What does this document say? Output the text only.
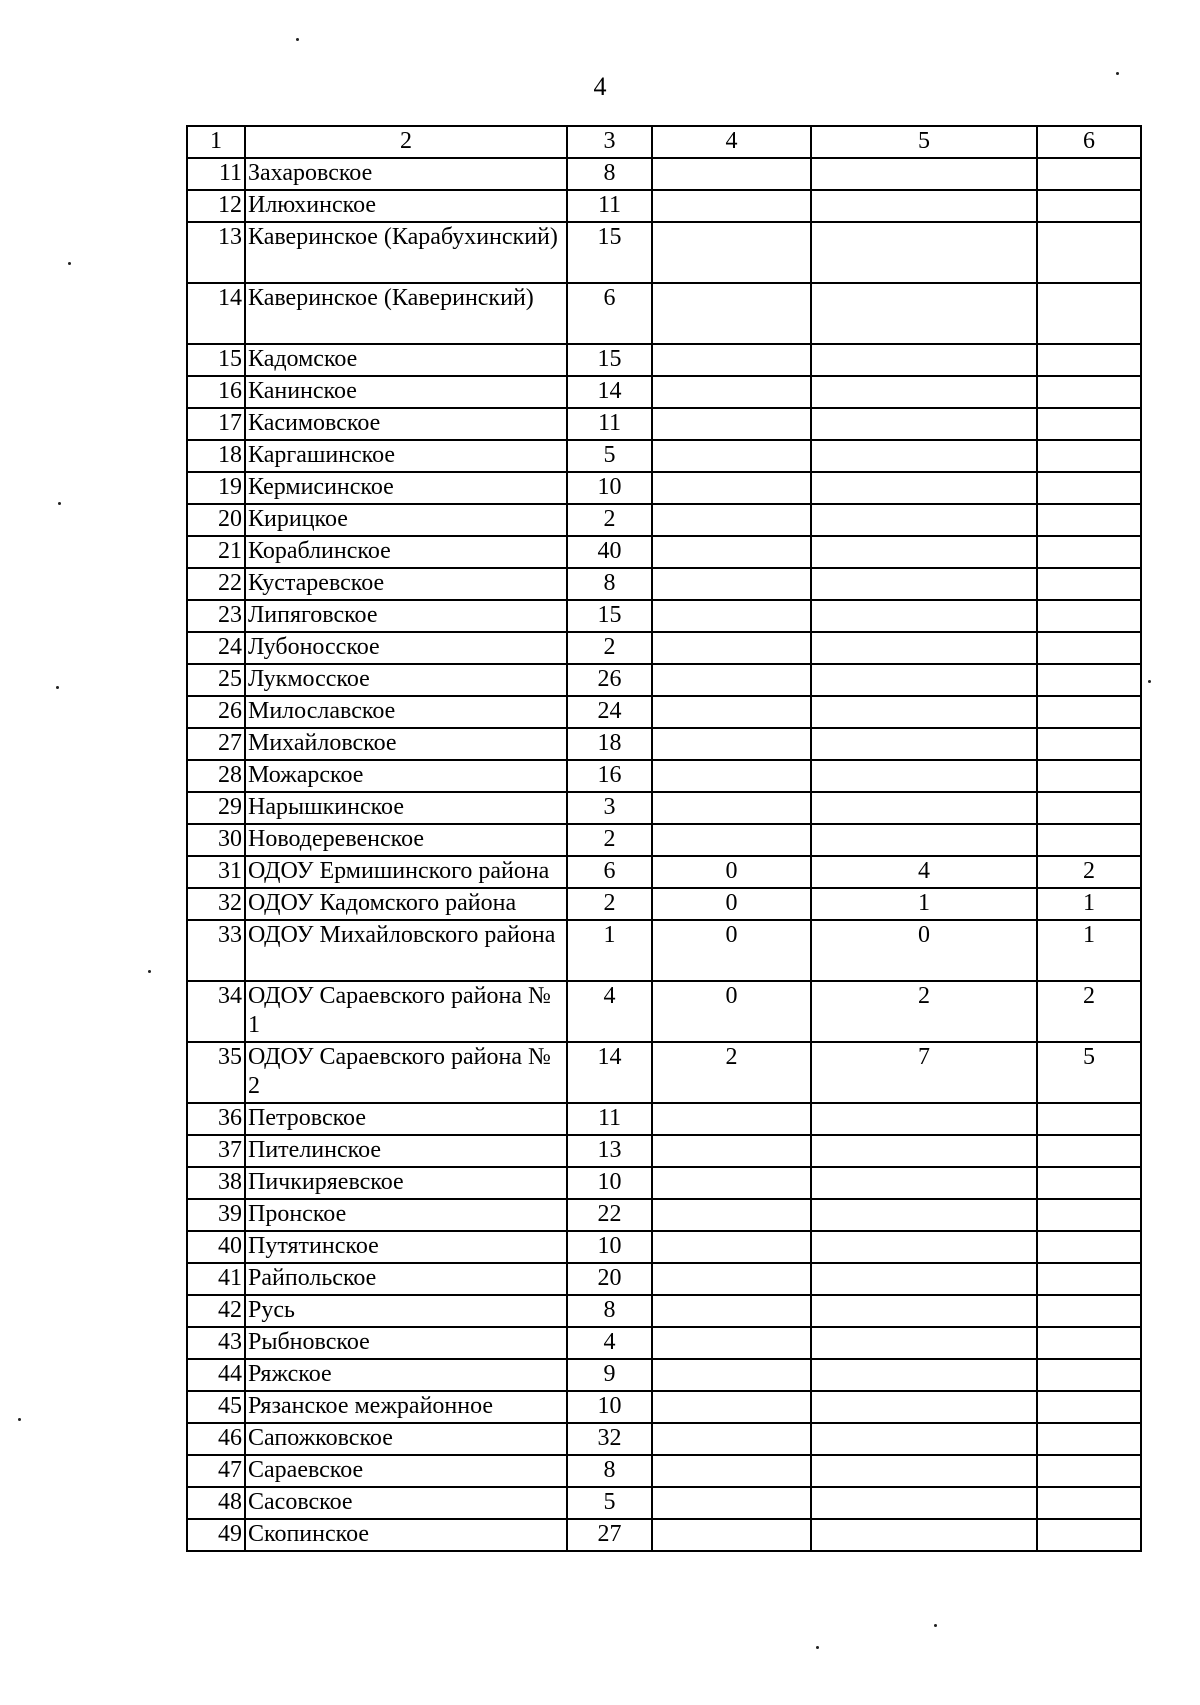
4
1	2	3	4	5	6
11	Захаровское	8			
12	Илюхинское	11			
13	Каверинское (Карабухинский)	15			
14	Каверинское (Каверинский)	6			
15	Кадомское	15			
16	Канинское	14			
17	Касимовское	11			
18	Каргашинское	5			
19	Кермисинское	10			
20	Кирицкое	2			
21	Кораблинское	40			
22	Кустаревское	8			
23	Липяговское	15			
24	Лубоносское	2			
25	Лукмосское	26			
26	Милославское	24			
27	Михайловское	18			
28	Можарское	16			
29	Нарышкинское	3			
30	Новодеревенское	2			
31	ОДОУ Ермишинского района	6	0	4	2
32	ОДОУ Кадомского района	2	0	1	1
33	ОДОУ Михайловского района	1	0	0	1
34	ОДОУ Сараевского района № 1	4	0	2	2
35	ОДОУ Сараевского района № 2	14	2	7	5
36	Петровское	11			
37	Пителинское	13			
38	Пичкиряевское	10			
39	Пронское	22			
40	Путятинское	10			
41	Райпольское	20			
42	Русь	8			
43	Рыбновское	4			
44	Ряжское	9			
45	Рязанское межрайонное	10			
46	Сапожковское	32			
47	Сараевское	8			
48	Сасовское	5			
49	Скопинское	27			
